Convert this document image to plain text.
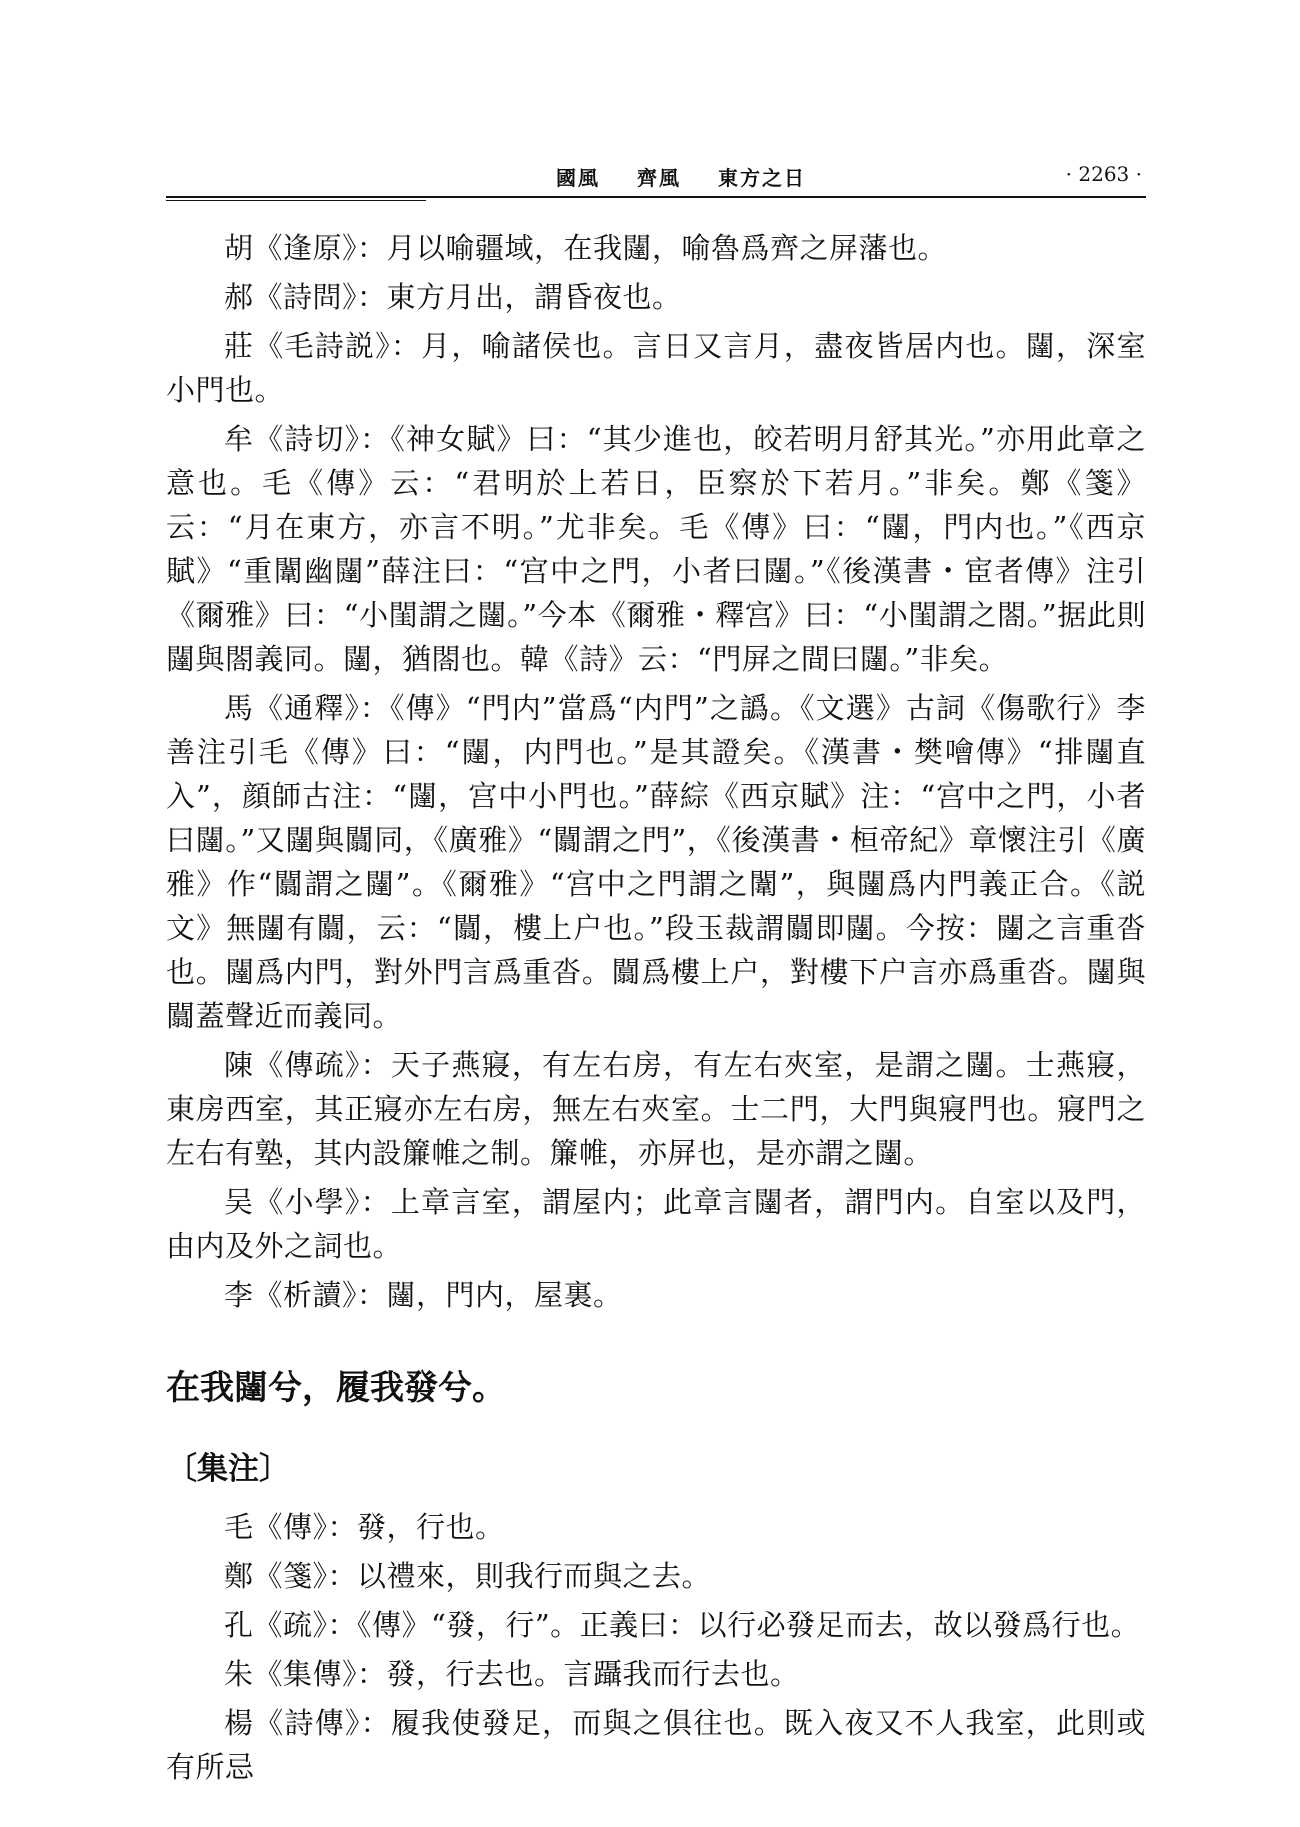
國風 齊風 東方之日	· 2263 ·

胡《逢原》：月以喻疆域，在我闥，喻魯爲齊之屏藩也。

郝《詩問》：東方月出，謂昏夜也。

莊《毛詩説》：月，喻諸侯也。言日又言月，盡夜皆居内也。闥，深室小門也。

牟《詩切》：《神女賦》曰：“其少進也，皎若明月舒其光。”亦用此章之意也。毛《傳》云：“君明於上若日，臣察於下若月。”非矣。鄭《箋》云：“月在東方，亦言不明。”尤非矣。毛《傳》曰：“闥，門内也。”《西京賦》“重闈幽闥”薛注曰：“宫中之門，小者曰闥。”《後漢書・宦者傳》注引《爾雅》曰：“小閨謂之闥。”今本《爾雅・釋宫》曰：“小閨謂之閤。”据此則闥與閤義同。闥，猶閤也。韓《詩》云：“門屏之間曰闥。”非矣。

馬《通釋》：《傳》“門内”當爲“内門”之譌。《文選》古詞《傷歌行》李善注引毛《傳》曰：“闥，内門也。”是其證矣。《漢書・樊噲傳》“排闥直入”，顔師古注：“闥，宫中小門也。”薛綜《西京賦》注：“宫中之門，小者曰闥。”又闥與闒同，《廣雅》“闒謂之門”，《後漢書・桓帝紀》章懷注引《廣雅》作“闒謂之闥”。《爾雅》“宫中之門謂之闈”，與闥爲内門義正合。《説文》無闥有闒，云：“闒，樓上户也。”段玉裁謂闒即闥。今按：闥之言重沓也。闥爲内門，對外門言爲重沓。闒爲樓上户，對樓下户言亦爲重沓。闥與闒蓋聲近而義同。

陳《傳疏》：天子燕寢，有左右房，有左右夾室，是謂之闥。士燕寢，東房西室，其正寢亦左右房，無左右夾室。士二門，大門與寢門也。寢門之左右有塾，其内設簾帷之制。簾帷，亦屏也，是亦謂之闥。

吴《小學》：上章言室，謂屋内；此章言闥者，謂門内。自室以及門，由内及外之詞也。

李《析讀》：闥，門内，屋裏。

在我闥兮，履我發兮。
〔集注〕

毛《傳》：發，行也。

鄭《箋》：以禮來，則我行而與之去。

孔《疏》：《傳》“發，行”。正義曰：以行必發足而去，故以發爲行也。

朱《集傳》：發，行去也。言躡我而行去也。

楊《詩傳》：履我使發足，而與之俱往也。既入夜又不人我室，此則或有所忌
